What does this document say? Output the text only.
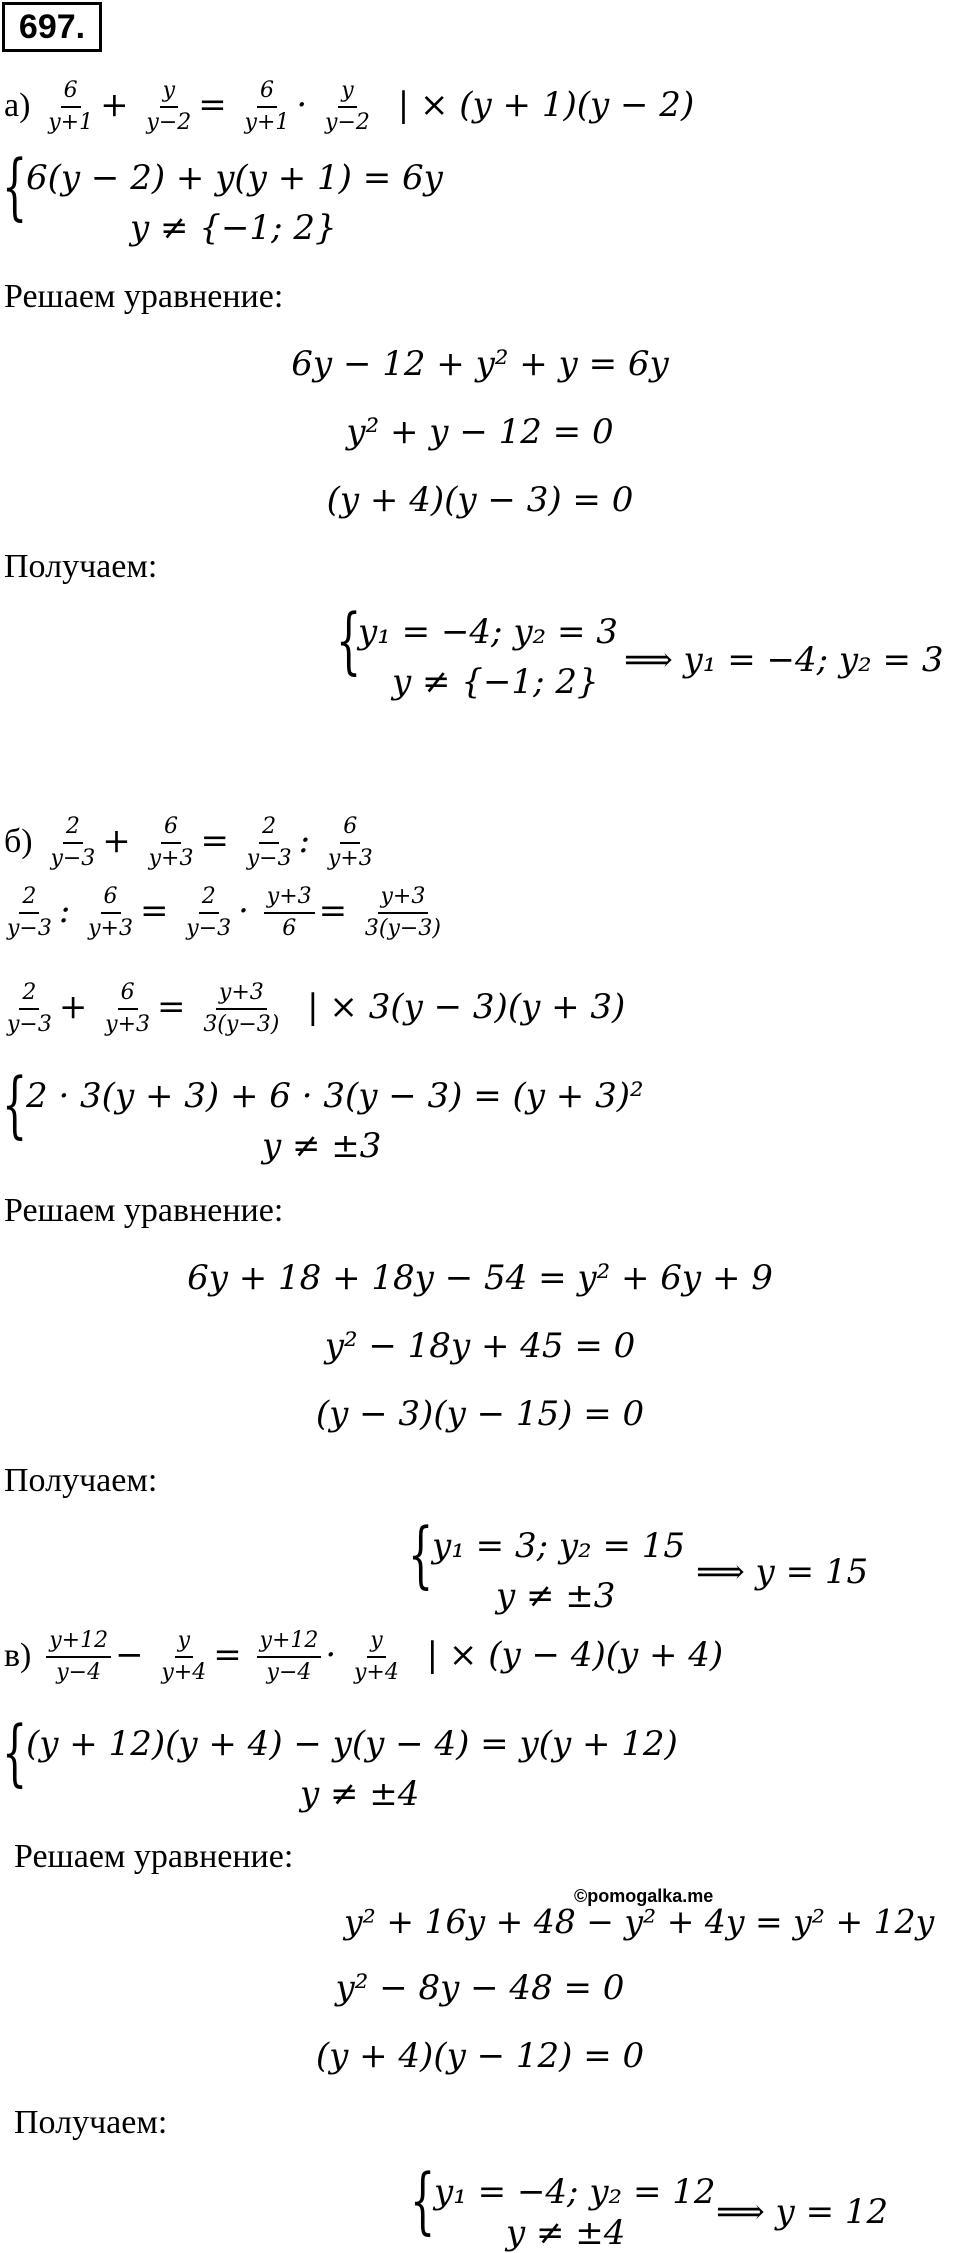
697.
$а) \frac{6}{y+1} + \frac{y}{y-2} = \frac{6}{y+1} \cdot \frac{y}{y-2}$ | × (y + 1)(y − 2)
{
6(y − 2) + y(y + 1) = 6y
y ≠ {−1; 2}
Решаем уравнение:
6y − 12 + y² + y = 6y
y² + y − 12 = 0
(y + 4)(y − 3) = 0
Получаем:
{
y₁ = −4; y₂ = 3
y ≠ {−1; 2}
⟹ y₁ = −4; y₂ = 3
$б) \frac{2}{y-3} + \frac{6}{y+3} = \frac{2}{y-3}$ : $\frac{6}{y+3}$
$\frac{2}{y-3}$ : $\frac{6}{y+3} = \frac{2}{y-3} \cdot \frac{y+3}{6} = \frac{y+3}{3(y-3)}$
$\frac{2}{y-3} + \frac{6}{y+3} = \frac{y+3}{3(y-3)}$ | × 3(y − 3)(y + 3)
{
2 · 3(y + 3) + 6 · 3(y − 3) = (y + 3)²
y ≠ ±3
Решаем уравнение:
6y + 18 + 18y − 54 = y² + 6y + 9
y² − 18y + 45 = 0
(y − 3)(y − 15) = 0
Получаем:
{
y₁ = 3; y₂ = 15
y ≠ ±3
⟹ y = 15
$в) \frac{y+12}{y-4} - \frac{y}{y+4} = \frac{y+12}{y-4} \cdot \frac{y}{y+4}$ | × (y − 4)(y + 4)
{
(y + 12)(y + 4) − y(y − 4) = y(y + 12)
y ≠ ±4
Решаем уравнение:
©pomogalka.me
y² + 16y + 48 − y² + 4y = y² + 12y
y² − 8y − 48 = 0
(y + 4)(y − 12) = 0
Получаем:
{
y₁ = −4; y₂ = 12
y ≠ ±4
⟹ y = 12
